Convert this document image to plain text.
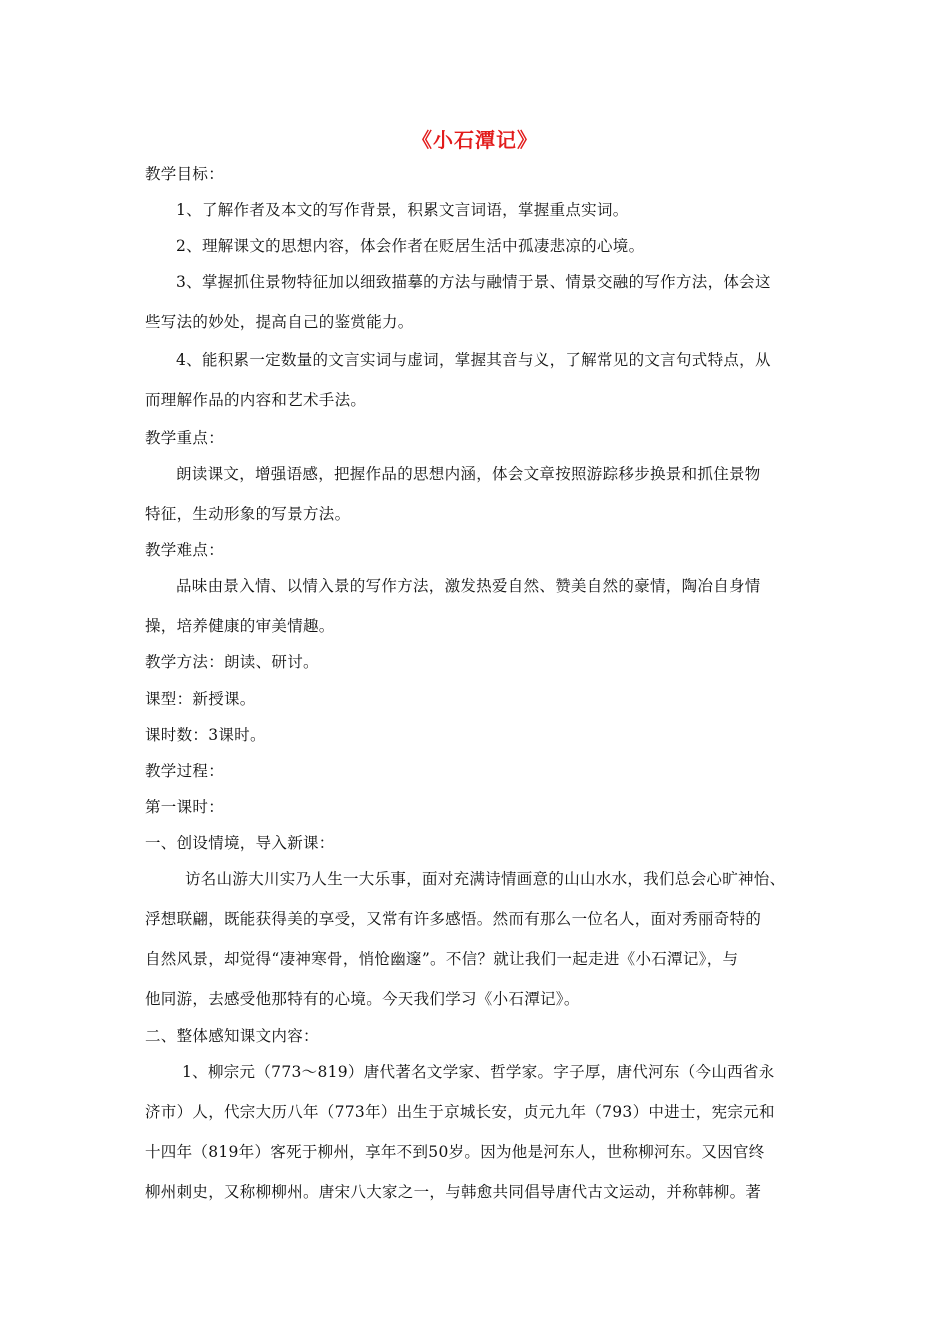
《小石潭记》
教学目标：
1、了解作者及本文的写作背景，积累文言词语，掌握重点实词。
2、理解课文的思想内容，体会作者在贬居生活中孤凄悲凉的心境。
3、掌握抓住景物特征加以细致描摹的方法与融情于景、情景交融的写作方法，体会这
些写法的妙处，提高自己的鉴赏能力。
4、能积累一定数量的文言实词与虚词，掌握其音与义，了解常见的文言句式特点，从
而理解作品的内容和艺术手法。
教学重点：
朗读课文，增强语感，把握作品的思想内涵，体会文章按照游踪移步换景和抓住景物
特征，生动形象的写景方法。
教学难点：
品味由景入情、以情入景的写作方法，激发热爱自然、赞美自然的豪情，陶冶自身情
操，培养健康的审美情趣。
教学方法：朗读、研讨。
课型：新授课。
课时数：3课时。
教学过程：
第一课时：
一、创设情境，导入新课：
访名山游大川实乃人生一大乐事，面对充满诗情画意的山山水水，我们总会心旷神怡、
浮想联翩，既能获得美的享受，又常有许多感悟。然而有那么一位名人，面对秀丽奇特的
自然风景，却觉得“凄神寒骨，悄怆幽邃”。不信？就让我们一起走进《小石潭记》，与
他同游，去感受他那特有的心境。今天我们学习《小石潭记》。
二、整体感知课文内容：
1、柳宗元（773～819）唐代著名文学家、哲学家。字子厚，唐代河东（今山西省永
济市）人，代宗大历八年（773年）出生于京城长安，贞元九年（793）中进士，宪宗元和
十四年（819年）客死于柳州，享年不到50岁。因为他是河东人，世称柳河东。又因官终
柳州刺史，又称柳柳州。唐宋八大家之一，与韩愈共同倡导唐代古文运动，并称韩柳。著
